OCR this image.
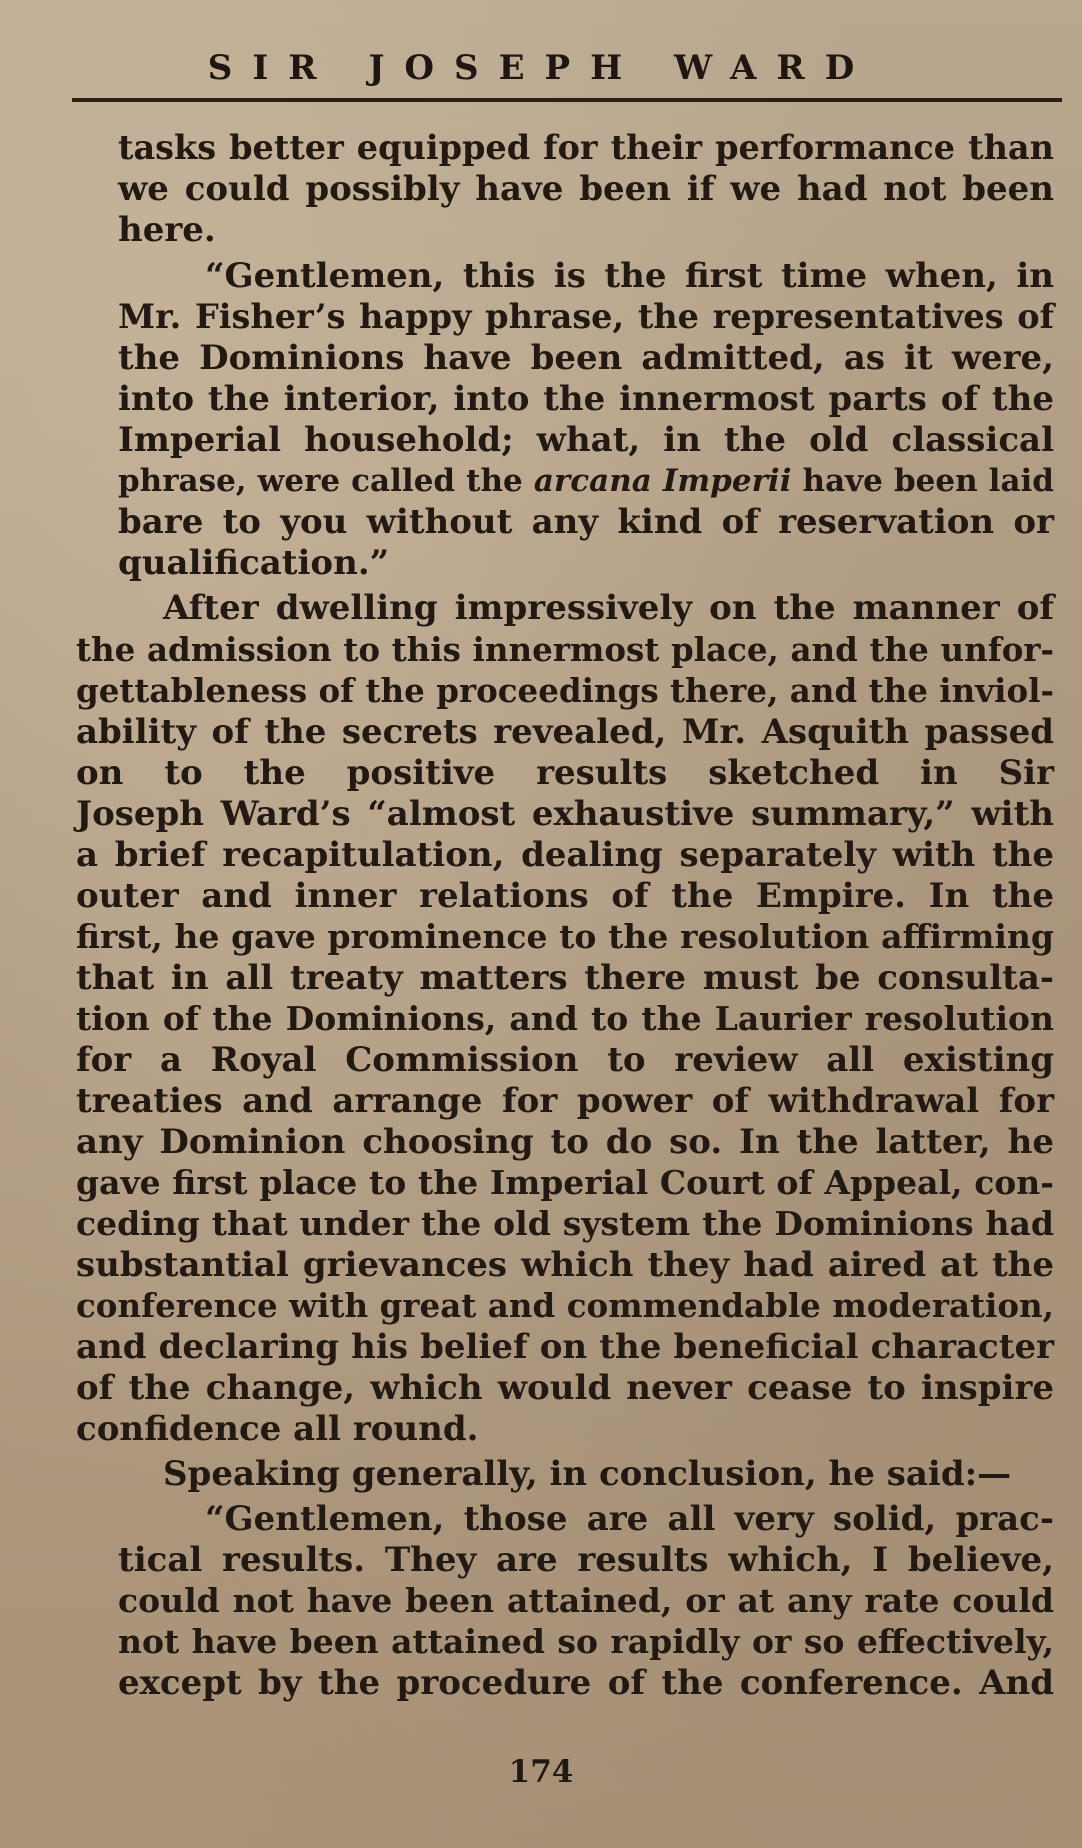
SIR JOSEPH WARD
tasks better equipped for their performance than
we could possibly have been if we had not been
here.
“Gentlemen, this is the first time when, in
Mr. Fisher’s happy phrase, the representatives of
the Dominions have been admitted, as it were,
into the interior, into the innermost parts of the
Imperial household; what, in the old classical
phrase, were called the arcana Imperii have been laid
bare to you without any kind of reservation or
qualification.”
After dwelling impressively on the manner of
the admission to this innermost place, and the unfor-
gettableness of the proceedings there, and the inviol-
ability of the secrets revealed, Mr. Asquith passed
on to the positive results sketched in Sir
Joseph Ward’s “almost exhaustive summary,” with
a brief recapitulation, dealing separately with the
outer and inner relations of the Empire. In the
first, he gave prominence to the resolution affirming
that in all treaty matters there must be consulta-
tion of the Dominions, and to the Laurier resolution
for a Royal Commission to review all existing
treaties and arrange for power of withdrawal for
any Dominion choosing to do so. In the latter, he
gave first place to the Imperial Court of Appeal, con-
ceding that under the old system the Dominions had
substantial grievances which they had aired at the
conference with great and commendable moderation,
and declaring his belief on the beneficial character
of the change, which would never cease to inspire
confidence all round.
Speaking generally, in conclusion, he said:—
“Gentlemen, those are all very solid, prac-
tical results. They are results which, I believe,
could not have been attained, or at any rate could
not have been attained so rapidly or so effectively,
except by the procedure of the conference. And
174
